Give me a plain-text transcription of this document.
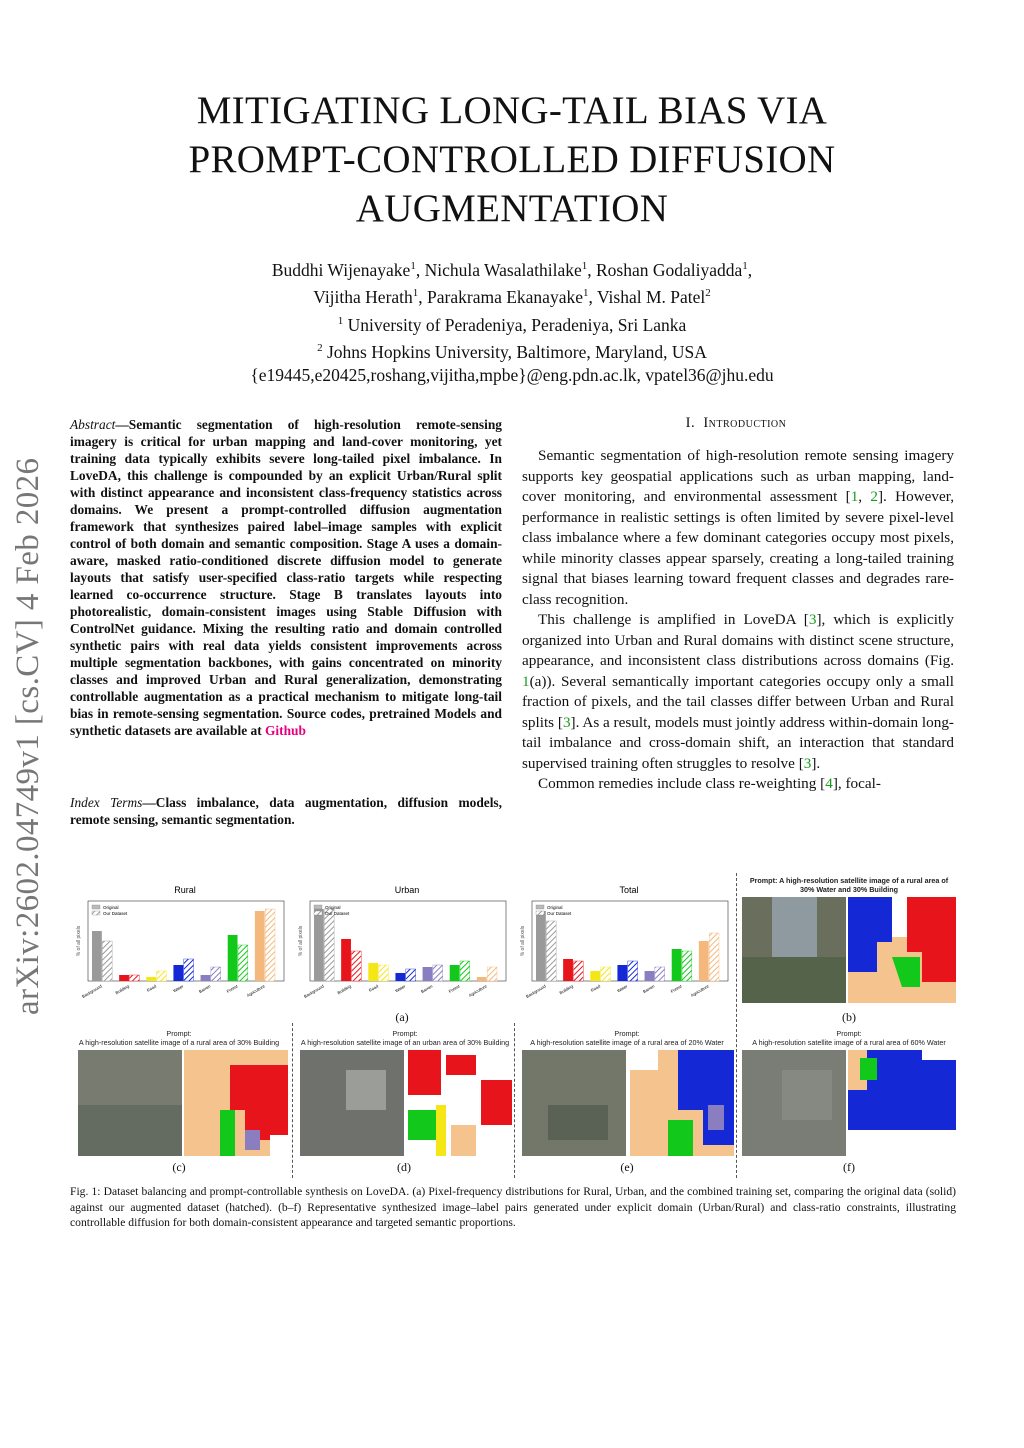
arXiv:2602.04749v1 [cs.CV] 4 Feb 2026
MITIGATING LONG-TAIL BIAS VIA
PROMPT-CONTROLLED DIFFUSION
AUGMENTATION
Buddhi Wijenayake$^1$, Nichula Wasalathilake$^1$, Roshan Godaliyadda$^1$,
Vijitha Herath$^1$, Parakrama Ekanayake$^1$, Vishal M. Patel$^2$
$^1$ University of Peradeniya, Peradeniya, Sri Lanka
$^2$ Johns Hopkins University, Baltimore, Maryland, USA
{e19445,e20425,roshang,vijitha,mpbe}@eng.pdn.ac.lk, vpatel36@jhu.edu
Abstract—Semantic segmentation of high-resolution remote-sensing imagery is critical for urban mapping and land-cover monitoring, yet training data typically exhibits severe long-tailed pixel imbalance. In LoveDA, this challenge is compounded by an explicit Urban/Rural split with distinct appearance and inconsistent class-frequency statistics across domains. We present a prompt-controlled diffusion augmentation framework that synthesizes paired label–image samples with explicit control of both domain and semantic composition. Stage A uses a domain-aware, masked ratio-conditioned discrete diffusion model to generate layouts that satisfy user-specified class-ratio targets while respecting learned co-occurrence structure. Stage B translates layouts into photorealistic, domain-consistent images using Stable Diffusion with ControlNet guidance. Mixing the resulting ratio and domain controlled synthetic pairs with real data yields consistent improvements across multiple segmentation backbones, with gains concentrated on minority classes and improved Urban and Rural generalization, demonstrating controllable augmentation as a practical mechanism to mitigate long-tail bias in remote-sensing segmentation. Source codes, pretrained Models and synthetic datasets are available at Github
Index Terms—Class imbalance, data augmentation, diffusion models, remote sensing, semantic segmentation.
I. Introduction

Semantic segmentation of high-resolution remote sensing imagery supports key geospatial applications such as urban mapping, land-cover monitoring, and environmental assessment [1, 2]. However, performance in realistic settings is often limited by severe pixel-level class imbalance where a few dominant categories occupy most pixels, while minority classes appear sparsely, creating a long-tailed training signal that biases learning toward frequent classes and degrades rare-class recognition.

This challenge is amplified in LoveDA [3], which is explicitly organized into Urban and Rural domains with distinct scene structure, appearance, and inconsistent class distributions across domains (Fig. 1(a)). Several semantically important categories occupy only a small fraction of pixels, and the tail classes differ between Urban and Rural splits [3]. As a result, models must jointly address within-domain long-tail imbalance and cross-domain shift, an interaction that standard supervised training often struggles to resolve [3].

Common remedies include class re-weighting [4], focal-

Rural
% of all pixels
Background	Building	Road	Water	Barren	Forest Agriculture
Original
Our Dataset
Urban
% of all pixels
Background	Building	Road	Water	Barren	Forest Agriculture
Original
Our Dataset
Total
% of all pixels
Background	Building	Road	Water	Barren	Forest Agriculture
Original
Our Dataset
(a)
Prompt: A high-resolution satellite image of a rural area of 30% Water and 30% Building
(b)
Prompt:
A high-resolution satellite image of a rural area of 30% Building
(c)
Prompt:
A high-resolution satellite image of an urban area of 30% Building
(d)
Prompt:
A high-resolution satellite image of a rural area of 20% Water
(e)
Prompt:
A high-resolution satellite image of a rural area of 60% Water
(f)
Fig. 1: Dataset balancing and prompt-controllable synthesis on LoveDA. (a) Pixel-frequency distributions for Rural, Urban, and the combined training set, comparing the original data (solid) against our augmented dataset (hatched). (b–f) Representative synthesized image–label pairs generated under explicit domain (Urban/Rural) and class-ratio constraints, illustrating controllable diffusion for both domain-consistent appearance and targeted semantic proportions.
